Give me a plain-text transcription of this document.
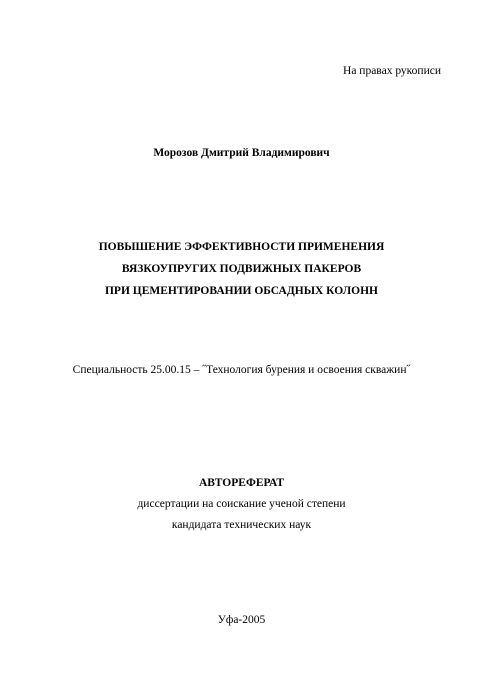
На правах рукописи
Морозов Дмитрий Владимирович
ПОВЫШЕНИЕ ЭФФЕКТИВНОСТИ ПРИМЕНЕНИЯ
ВЯЗКОУПРУГИХ ПОДВИЖНЫХ ПАКЕРОВ
ПРИ ЦЕМЕНТИРОВАНИИ ОБСАДНЫХ КОЛОНН
Специальность 25.00.15 – ˝Технология бурения и освоения скважин˝
АВТОРЕФЕРАТ
диссертации на соискание ученой степени
кандидата технических наук
Уфа-2005
